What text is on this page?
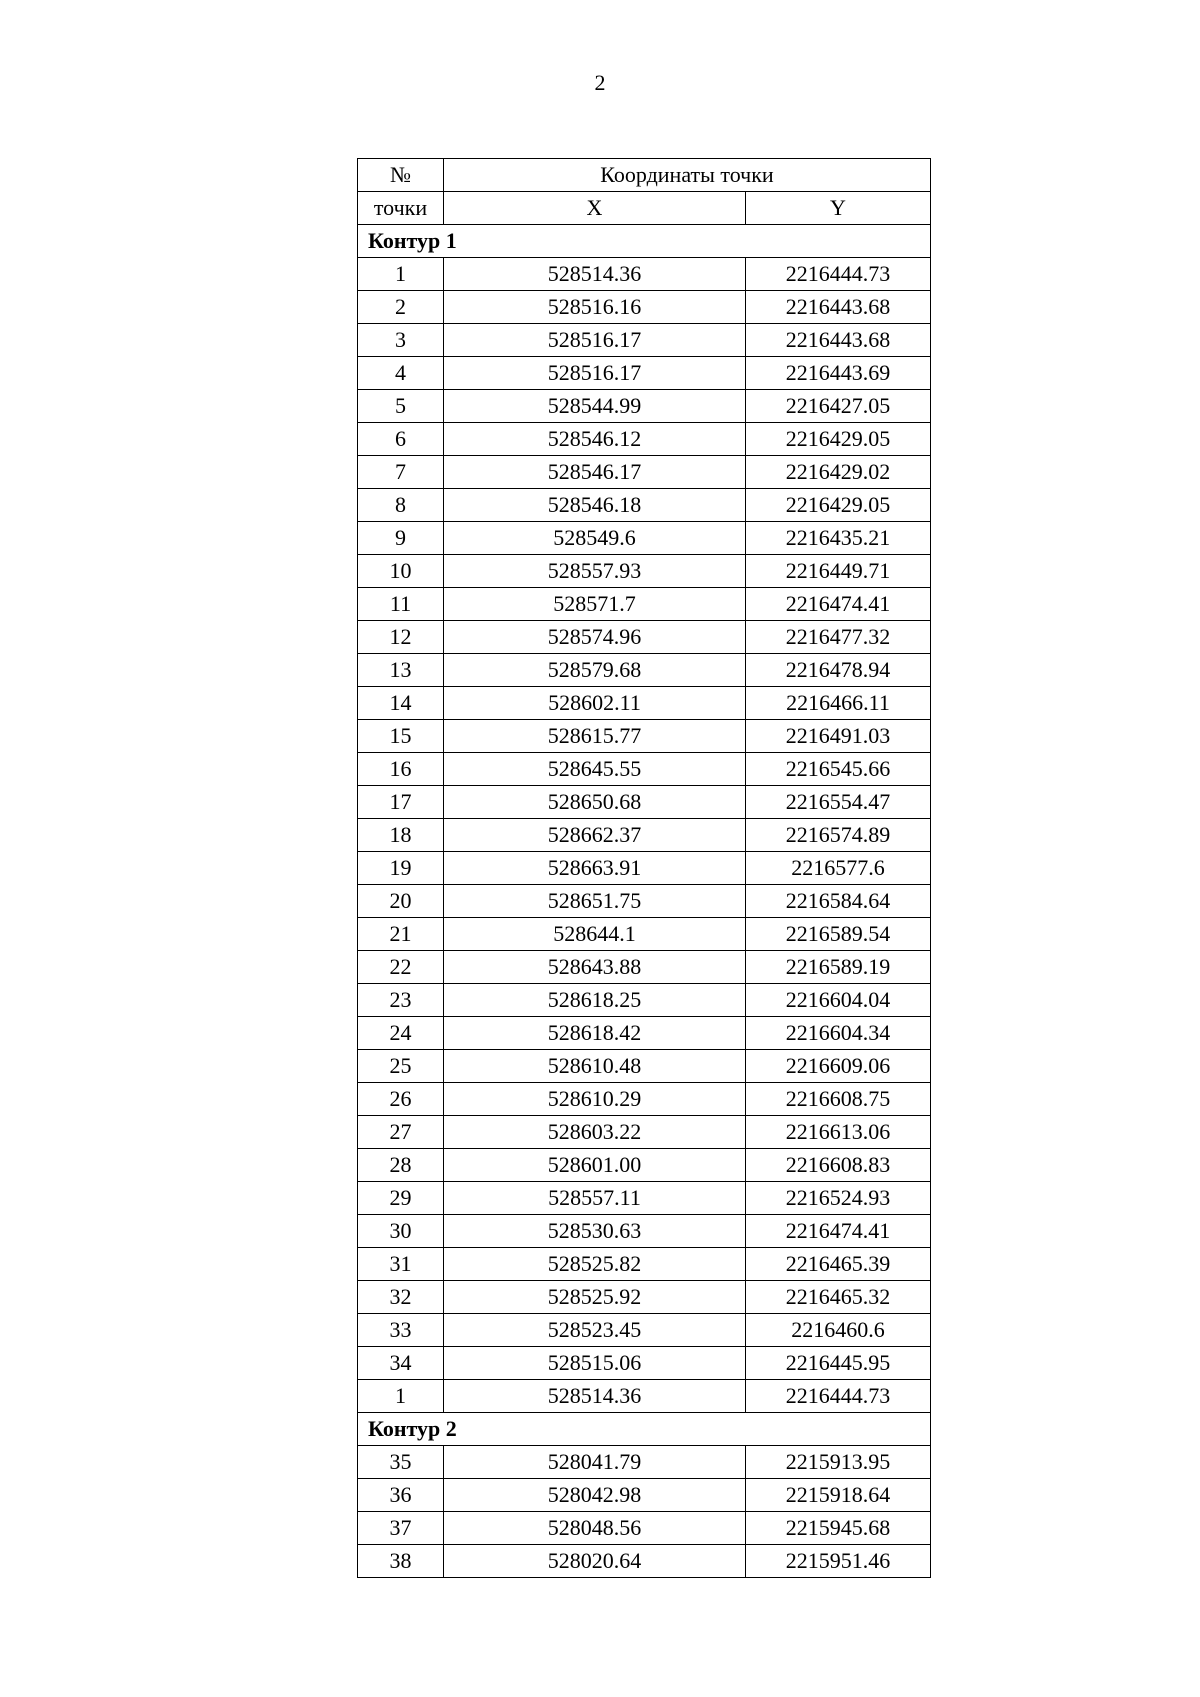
2
№	Координаты точки	
точки	X	Y
Контур 1		
1	528514.36	2216444.73
2	528516.16	2216443.68
3	528516.17	2216443.68
4	528516.17	2216443.69
5	528544.99	2216427.05
6	528546.12	2216429.05
7	528546.17	2216429.02
8	528546.18	2216429.05
9	528549.6	2216435.21
10	528557.93	2216449.71
11	528571.7	2216474.41
12	528574.96	2216477.32
13	528579.68	2216478.94
14	528602.11	2216466.11
15	528615.77	2216491.03
16	528645.55	2216545.66
17	528650.68	2216554.47
18	528662.37	2216574.89
19	528663.91	2216577.6
20	528651.75	2216584.64
21	528644.1	2216589.54
22	528643.88	2216589.19
23	528618.25	2216604.04
24	528618.42	2216604.34
25	528610.48	2216609.06
26	528610.29	2216608.75
27	528603.22	2216613.06
28	528601.00	2216608.83
29	528557.11	2216524.93
30	528530.63	2216474.41
31	528525.82	2216465.39
32	528525.92	2216465.32
33	528523.45	2216460.6
34	528515.06	2216445.95
1	528514.36	2216444.73
Контур 2		
35	528041.79	2215913.95
36	528042.98	2215918.64
37	528048.56	2215945.68
38	528020.64	2215951.46
